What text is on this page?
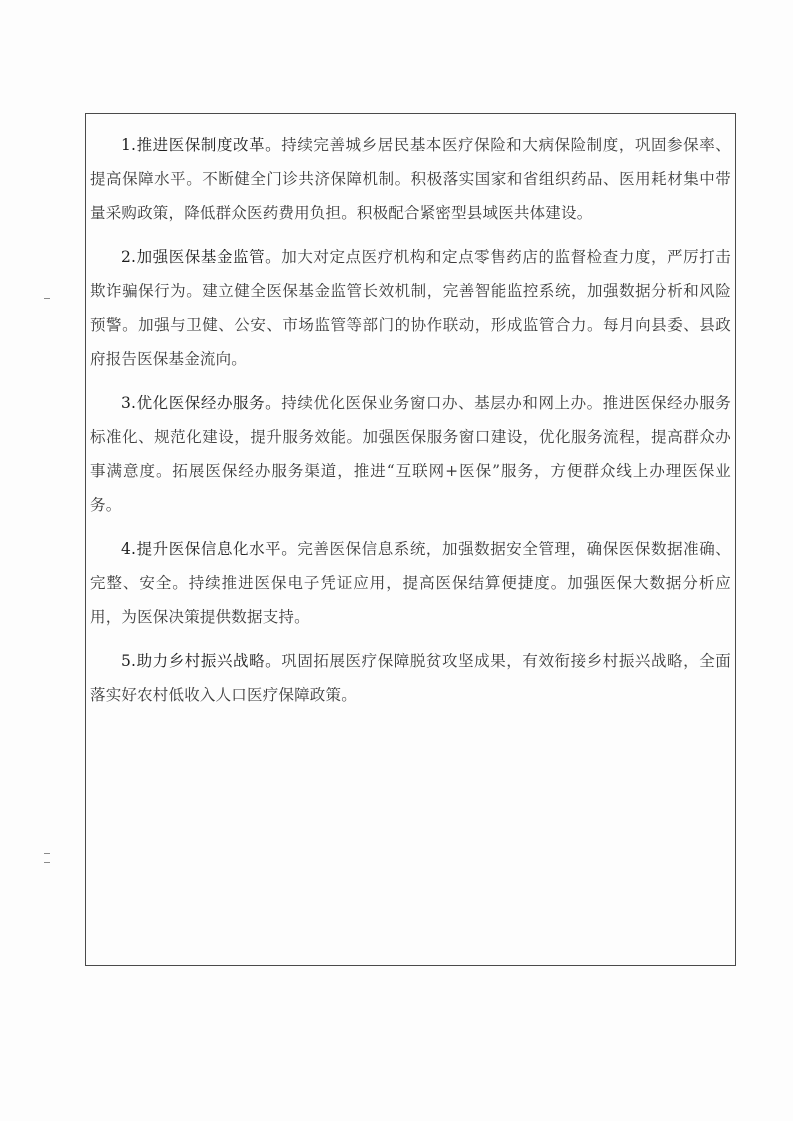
1.推进医保制度改革。持续完善城乡居民基本医疗保险和大病保险制度，巩固参保率、提高保障水平。不断健全门诊共济保障机制。积极落实国家和省组织药品、医用耗材集中带量采购政策，降低群众医药费用负担。积极配合紧密型县域医共体建设。

2.加强医保基金监管。加大对定点医疗机构和定点零售药店的监督检查力度，严厉打击欺诈骗保行为。建立健全医保基金监管长效机制，完善智能监控系统，加强数据分析和风险预警。加强与卫健、公安、市场监管等部门的协作联动，形成监管合力。每月向县委、县政府报告医保基金流向。

3.优化医保经办服务。持续优化医保业务窗口办、基层办和网上办。推进医保经办服务标准化、规范化建设，提升服务效能。加强医保服务窗口建设，优化服务流程，提高群众办事满意度。拓展医保经办服务渠道，推进“互联网+医保”服务，方便群众线上办理医保业务。

4.提升医保信息化水平。完善医保信息系统，加强数据安全管理，确保医保数据准确、完整、安全。持续推进医保电子凭证应用，提高医保结算便捷度。加强医保大数据分析应用，为医保决策提供数据支持。

5.助力乡村振兴战略。巩固拓展医疗保障脱贫攻坚成果，有效衔接乡村振兴战略，全面落实好农村低收入人口医疗保障政策。
